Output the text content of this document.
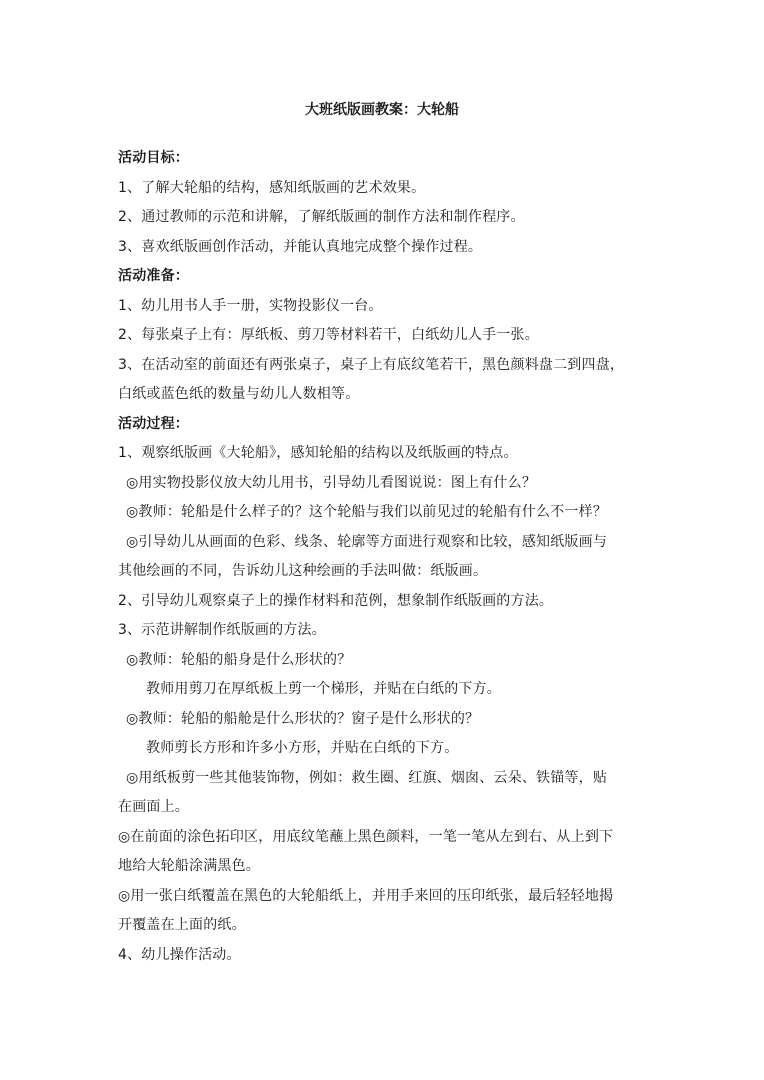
大班纸版画教案：大轮船
活动目标：
1、了解大轮船的结构，感知纸版画的艺术效果。
2、通过教师的示范和讲解，了解纸版画的制作方法和制作程序。
3、喜欢纸版画创作活动，并能认真地完成整个操作过程。
活动准备：
1、幼儿用书人手一册，实物投影仪一台。
2、每张桌子上有：厚纸板、剪刀等材料若干，白纸幼儿人手一张。
3、在活动室的前面还有两张桌子，桌子上有底纹笔若干，黑色颜料盘二到四盘，
白纸或蓝色纸的数量与幼儿人数相等。
活动过程：
1、观察纸版画《大轮船》，感知轮船的结构以及纸版画的特点。
◎用实物投影仪放大幼儿用书，引导幼儿看图说说：图上有什么？
◎教师：轮船是什么样子的？这个轮船与我们以前见过的轮船有什么不一样？
◎引导幼儿从画面的色彩、线条、轮廓等方面进行观察和比较，感知纸版画与
其他绘画的不同，告诉幼儿这种绘画的手法叫做：纸版画。
2、引导幼儿观察桌子上的操作材料和范例，想象制作纸版画的方法。
3、示范讲解制作纸版画的方法。
◎教师：轮船的船身是什么形状的？
教师用剪刀在厚纸板上剪一个梯形，并贴在白纸的下方。
◎教师：轮船的船舱是什么形状的？窗子是什么形状的？
教师剪长方形和许多小方形，并贴在白纸的下方。
◎用纸板剪一些其他装饰物，例如：救生圈、红旗、烟囱、云朵、铁锚等，贴
在画面上。
◎在前面的涂色拓印区，用底纹笔蘸上黑色颜料，一笔一笔从左到右、从上到下
地给大轮船涂满黑色。
◎用一张白纸覆盖在黑色的大轮船纸上，并用手来回的压印纸张，最后轻轻地揭
开覆盖在上面的纸。
4、幼儿操作活动。
